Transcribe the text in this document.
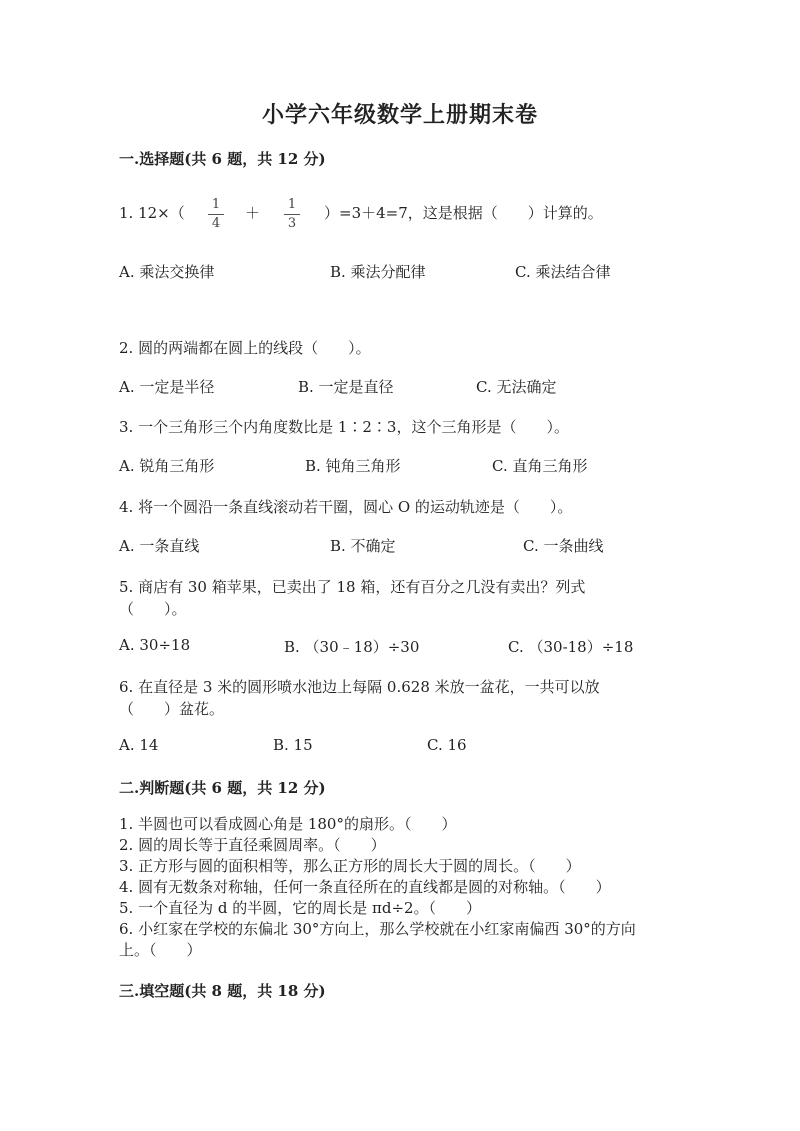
小学六年级数学上册期末卷
一.选择题(共 6 题，共 12 分)
1. 12×（	1
4
＋	1
3
）=3＋4=7，这是根据（　　）计算的。
A. 乘法交换律	B. 乘法分配律	C. 乘法结合律
2. 圆的两端都在圆上的线段（　　）。
A. 一定是半径	B. 一定是直径	C. 无法确定
3. 一个三角形三个内角度数比是 1∶2∶3，这个三角形是（　　）。
A. 锐角三角形	B. 钝角三角形	C. 直角三角形
4. 将一个圆沿一条直线滚动若干圈，圆心 O 的运动轨迹是（　　）。
A. 一条直线	B. 不确定	C. 一条曲线
5. 商店有 30 箱苹果，已卖出了 18 箱，还有百分之几没有卖出？列式
（　　）。
A. 30÷18	B. （30﹣18）÷30	C. （30-18）÷18
6. 在直径是 3 米的圆形喷水池边上每隔 0.628 米放一盆花，一共可以放
（　　）盆花。
A. 14	B. 15	C. 16
二.判断题(共 6 题，共 12 分)
1. 半圆也可以看成圆心角是 180°的扇形。（　　）
2. 圆的周长等于直径乘圆周率。（　　）
3. 正方形与圆的面积相等，那么正方形的周长大于圆的周长。（　　）
4. 圆有无数条对称轴，任何一条直径所在的直线都是圆的对称轴。（　　）
5. 一个直径为 d 的半圆，它的周长是 πd÷2。（　　）
6. 小红家在学校的东偏北 30°方向上，那么学校就在小红家南偏西 30°的方向
上。（　　）
三.填空题(共 8 题，共 18 分)
